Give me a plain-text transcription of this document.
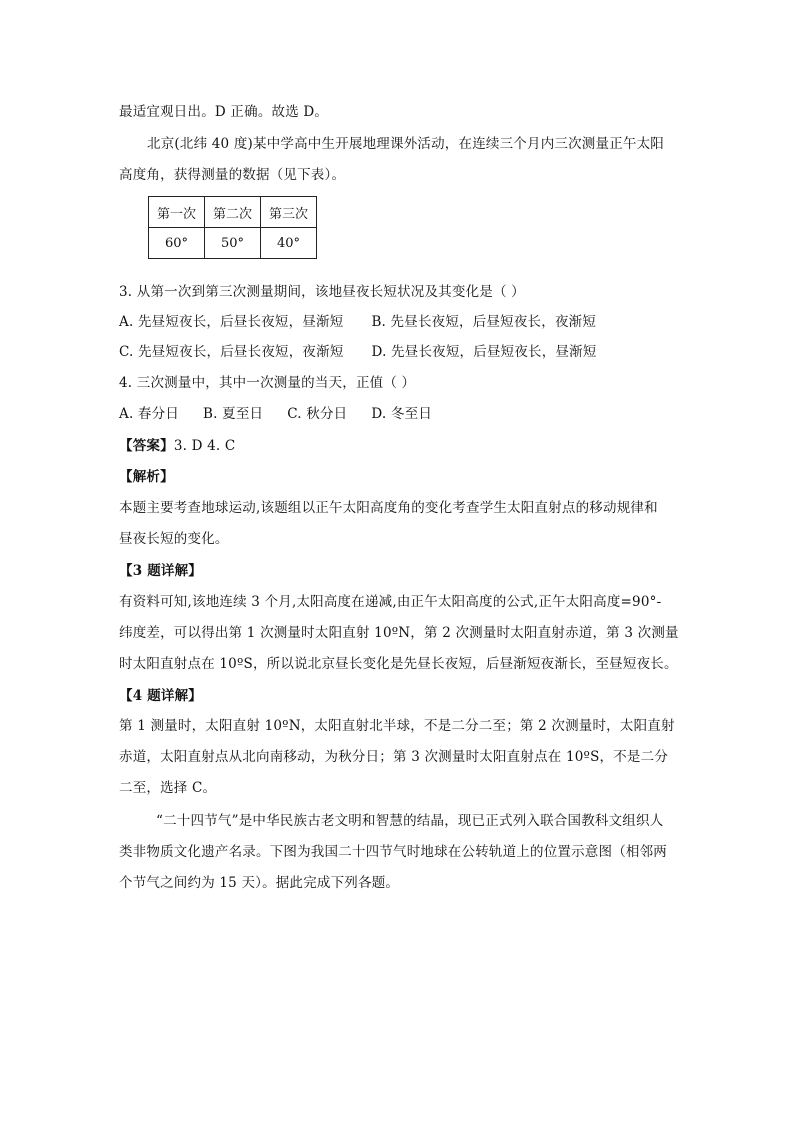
最适宜观日出。D 正确。故选 D。
北京(北纬 40 度)某中学高中生开展地理课外活动，在连续三个月内三次测量正午太阳
高度角，获得测量的数据（见下表）。
第一次	第二次	第三次
60°	50°	40°
3. 从第一次到第三次测量期间，该地昼夜长短状况及其变化是（ ）
A. 先昼短夜长，后昼长夜短，昼渐短 B. 先昼长夜短，后昼短夜长，夜渐短
C. 先昼短夜长，后昼长夜短，夜渐短 D. 先昼长夜短，后昼短夜长，昼渐短
4. 三次测量中，其中一次测量的当天，正值（ ）
A. 春分日 B. 夏至日 C. 秋分日 D. 冬至日
【答案】3. D 4. C
【解析】
本题主要考查地球运动,该题组以正午太阳高度角的变化考查学生太阳直射点的移动规律和
昼夜长短的变化。
【3 题详解】
有资料可知,该地连续 3 个月,太阳高度在递减,由正午太阳高度的公式,正午太阳高度=90°-
纬度差，可以得出第 1 次测量时太阳直射 10ºN，第 2 次测量时太阳直射赤道，第 3 次测量
时太阳直射点在 10ºS，所以说北京昼长变化是先昼长夜短，后昼渐短夜渐长，至昼短夜长。
【4 题详解】
第 1 测量时，太阳直射 10ºN，太阳直射北半球，不是二分二至；第 2 次测量时，太阳直射
赤道，太阳直射点从北向南移动，为秋分日；第 3 次测量时太阳直射点在 10ºS，不是二分
二至，选择 C。
“二十四节气”是中华民族古老文明和智慧的结晶，现已正式列入联合国教科文组织人
类非物质文化遗产名录。下图为我国二十四节气时地球在公转轨道上的位置示意图（相邻两
个节气之间约为 15 天）。据此完成下列各题。
